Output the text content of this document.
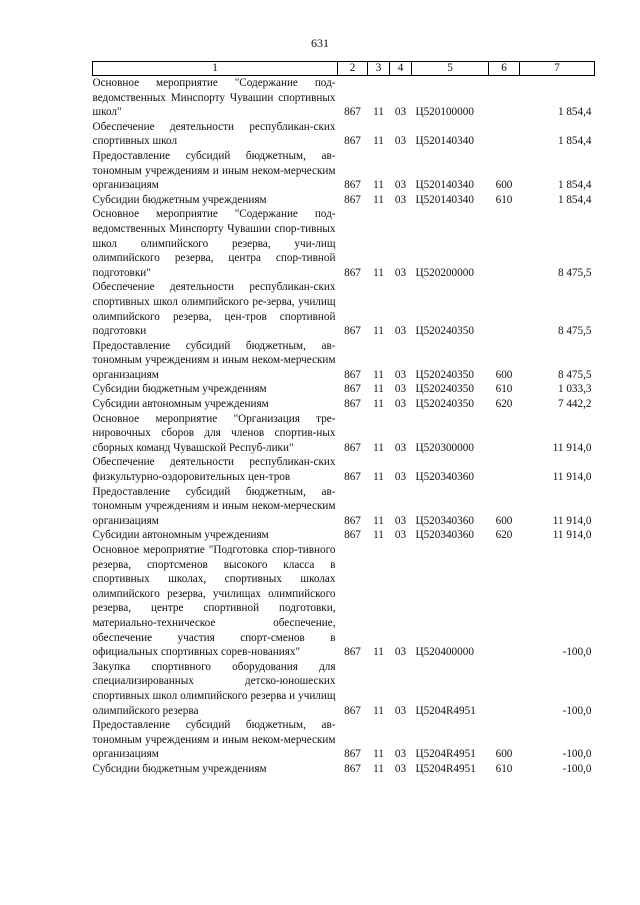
631
1	2	3	4	5	6	7
Основное мероприятие "Содержание под-ведомственных Минспорту Чувашии спортивных школ"	867	11	03	Ц520100000		1 854,4
Обеспечение деятельности республикан-ских спортивных школ	867	11	03	Ц520140340		1 854,4
Предоставление субсидий бюджетным, ав-тономным учреждениям и иным неком-мерческим организациям	867	11	03	Ц520140340	600	1 854,4
Субсидии бюджетным учреждениям	867	11	03	Ц520140340	610	1 854,4
Основное мероприятие "Содержание под-ведомственных Минспорту Чувашии спор-тивных школ олимпийского резерва, учи-лищ олимпийского резерва, центра спор-тивной подготовки"	867	11	03	Ц520200000		8 475,5
Обеспечение деятельности республикан-ских спортивных школ олимпийского ре-зерва, училищ олимпийского резерва, цен-тров спортивной подготовки	867	11	03	Ц520240350		8 475,5
Предоставление субсидий бюджетным, ав-тономным учреждениям и иным неком-мерческим организациям	867	11	03	Ц520240350	600	8 475,5
Субсидии бюджетным учреждениям	867	11	03	Ц520240350	610	1 033,3
Субсидии автономным учреждениям	867	11	03	Ц520240350	620	7 442,2
Основное мероприятие "Организация тре-нировочных сборов для членов спортив-ных сборных команд Чувашской Респуб-лики"	867	11	03	Ц520300000		11 914,0
Обеспечение деятельности республикан-ских физкультурно-оздоровительных цен-тров	867	11	03	Ц520340360		11 914,0
Предоставление субсидий бюджетным, ав-тономным учреждениям и иным неком-мерческим организациям	867	11	03	Ц520340360	600	11 914,0
Субсидии автономным учреждениям	867	11	03	Ц520340360	620	11 914,0
Основное мероприятие "Подготовка спор-тивного резерва, спортсменов высокого класса в спортивных школах, спортивных школах олимпийского резерва, училищах олимпийского резерва, центре спортивной подготовки, материально-техническое обеспечение, обеспечение участия спорт-сменов в официальных спортивных сорев-нованиях"	867	11	03	Ц520400000		-100,0
Закупка спортивного оборудования для специализированных детско-юношеских спортивных школ олимпийского резерва и училищ олимпийского резерва	867	11	03	Ц5204R4951		-100,0
Предоставление субсидий бюджетным, ав-тономным учреждениям и иным неком-мерческим организациям	867	11	03	Ц5204R4951	600	-100,0
Субсидии бюджетным учреждениям	867	11	03	Ц5204R4951	610	-100,0
